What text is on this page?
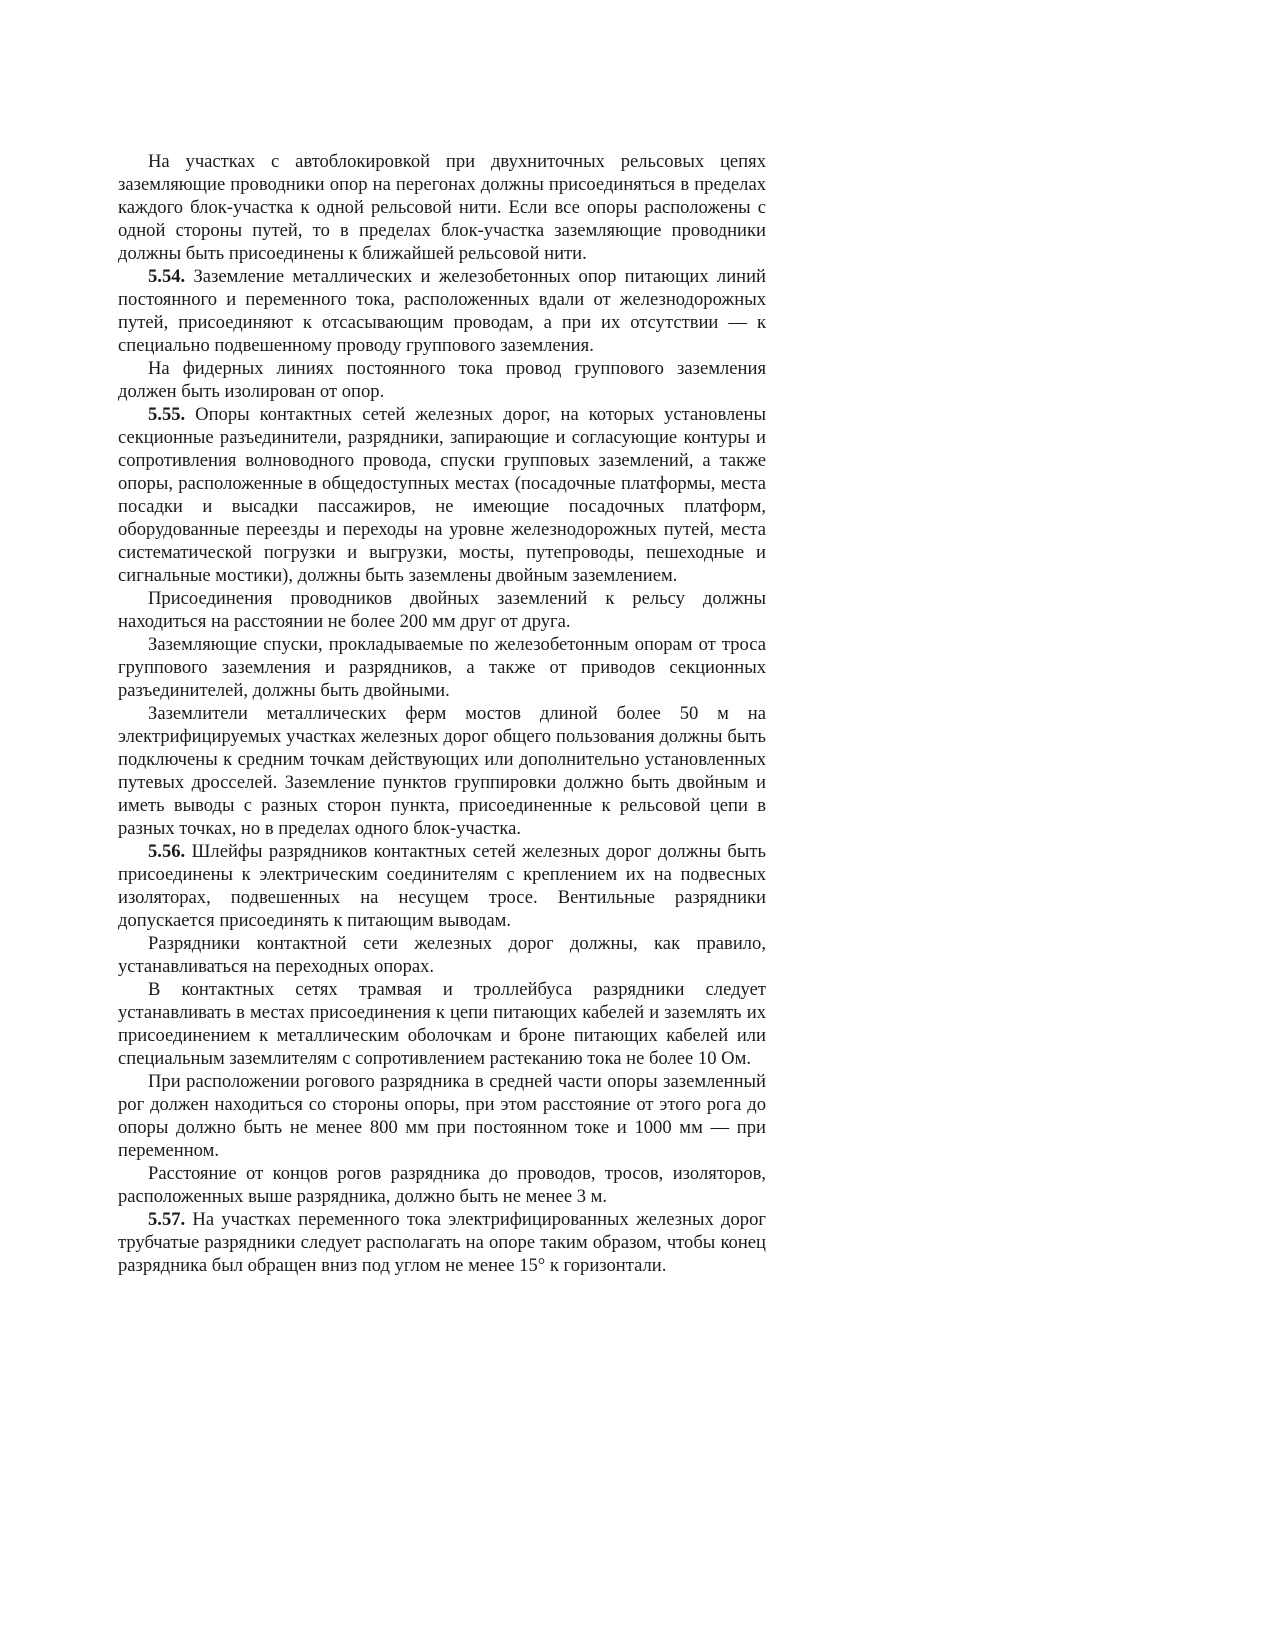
На участках с автоблокировкой при двухниточных рельсовых цепях заземляющие проводники опор на перегонах должны присоединяться в пределах каждого блок-участка к одной рельсовой нити. Если все опоры расположены с одной стороны путей, то в пределах блок-участка заземляющие проводники должны быть присоединены к ближайшей рельсовой нити.

5.54. Заземление металлических и железобетонных опор питающих линий постоянного и переменного тока, расположенных вдали от железнодорожных путей, присоединяют к отсасывающим проводам, а при их отсутствии — к специально подвешенному проводу группового заземления.

На фидерных линиях постоянного тока провод группового заземления должен быть изолирован от опор.

5.55. Опоры контактных сетей железных дорог, на которых установлены секционные разъединители, разрядники, запирающие и согласующие контуры и сопротивления волноводного провода, спуски групповых заземлений, а также опоры, расположенные в общедоступных местах (посадочные платформы, места посадки и высадки пассажиров, не имеющие посадочных платформ, оборудованные переезды и переходы на уровне железнодорожных путей, места систематической погрузки и выгрузки, мосты, путепроводы, пешеходные и сигнальные мостики), должны быть заземлены двойным заземлением.

Присоединения проводников двойных заземлений к рельсу должны находиться на расстоянии не более 200 мм друг от друга.

Заземляющие спуски, прокладываемые по железобетонным опорам от троса группового заземления и разрядников, а также от приводов секционных разъединителей, должны быть двойными.

Заземлители металлических ферм мостов длиной более 50 м на электрифицируемых участках железных дорог общего пользования должны быть подключены к средним точкам действующих или дополнительно установленных путевых дросселей. Заземление пунктов группировки должно быть двойным и иметь выводы с разных сторон пункта, присоединенные к рельсовой цепи в разных точках, но в пределах одного блок-участка.

5.56. Шлейфы разрядников контактных сетей железных дорог должны быть присоединены к электрическим соединителям с креплением их на подвесных изоляторах, подвешенных на несущем тросе. Вентильные разрядники допускается присоединять к питающим выводам.

Разрядники контактной сети железных дорог должны, как правило, устанавливаться на переходных опорах.

В контактных сетях трамвая и троллейбуса разрядники следует устанавливать в местах присоединения к цепи питающих кабелей и заземлять их присоединением к металлическим оболочкам и броне питающих кабелей или специальным заземлителям с сопротивлением растеканию тока не более 10 Ом.

При расположении рогового разрядника в средней части опоры заземленный рог должен находиться со стороны опоры, при этом расстояние от этого рога до опоры должно быть не менее 800 мм при постоянном токе и 1000 мм — при переменном.

Расстояние от концов рогов разрядника до проводов, тросов, изоляторов, расположенных выше разрядника, должно быть не менее 3 м.

5.57. На участках переменного тока электрифицированных железных дорог трубчатые разрядники следует располагать на опоре таким образом, чтобы конец разрядника был обращен вниз под углом не менее 15° к горизонтали.
